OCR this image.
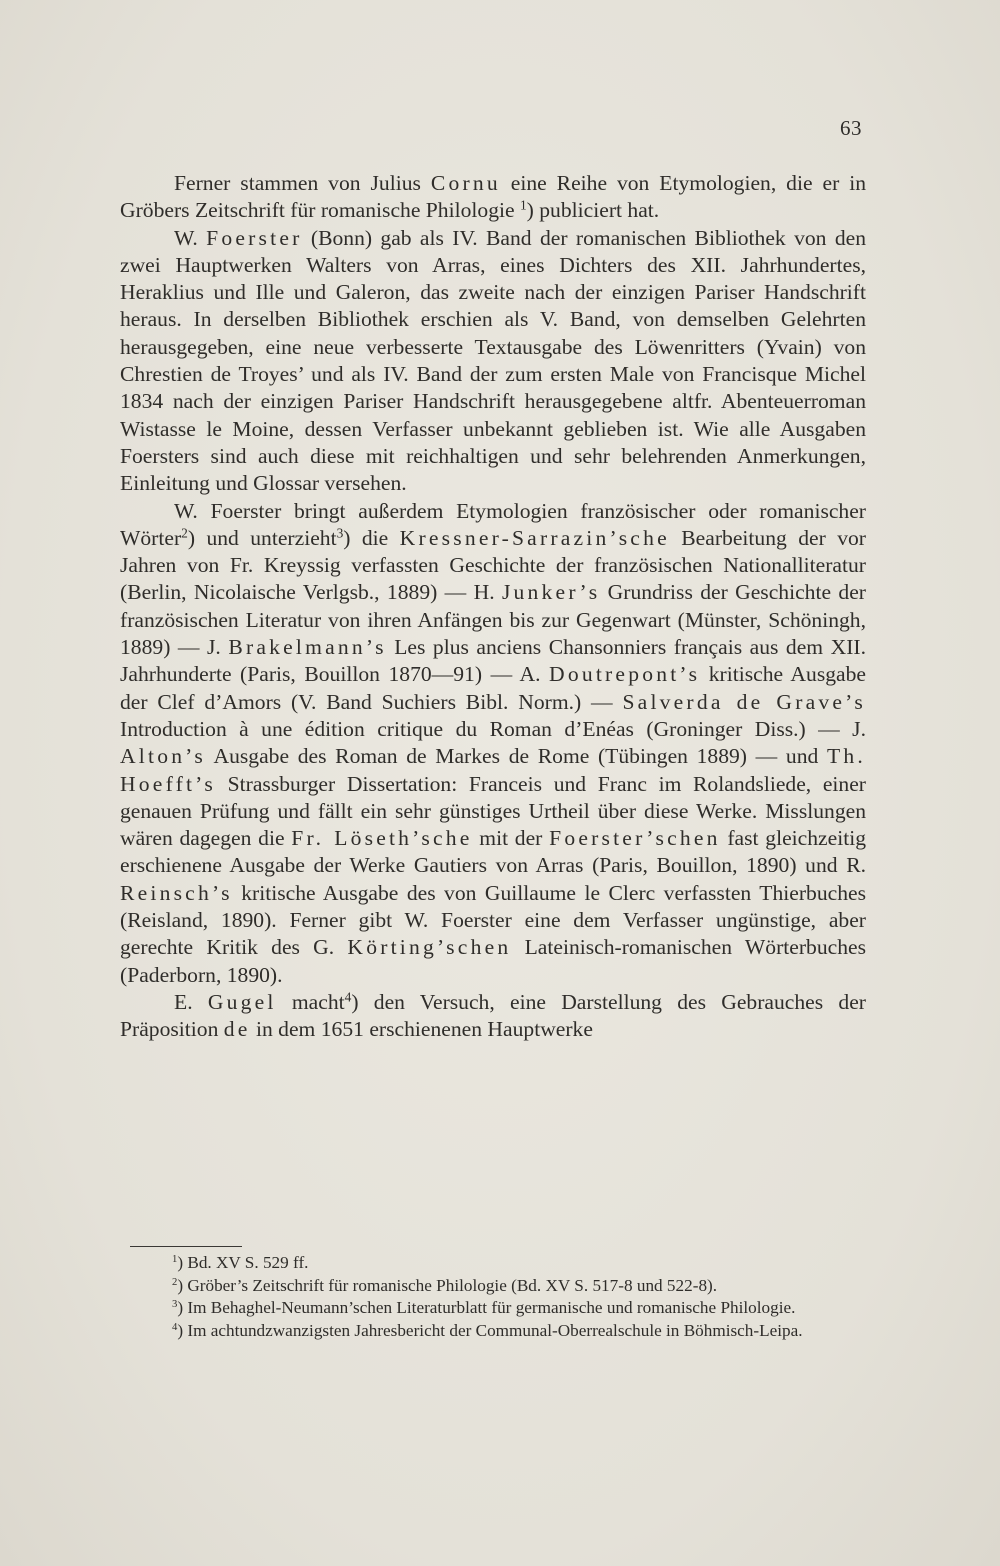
63

Ferner stammen von Julius Cornu eine Reihe von Etymologien, die er in Gröbers Zeitschrift für romanische Philologie $^1$) publiciert hat.

W. Foerster (Bonn) gab als IV. Band der romanischen Bibliothek von den zwei Hauptwerken Walters von Arras, eines Dichters des XII. Jahrhundertes, Heraklius und Ille und Galeron, das zweite nach der einzigen Pariser Handschrift heraus. In derselben Bibliothek erschien als V. Band, von demselben Gelehrten herausgegeben, eine neue verbesserte Textausgabe des Löwenritters (Yvain) von Chrestien de Troyes’ und als IV. Band der zum ersten Male von Francisque Michel 1834 nach der einzigen Pariser Handschrift herausgegebene altfr. Abenteuerroman Wistasse le Moine, dessen Verfasser unbekannt geblieben ist. Wie alle Ausgaben Foersters sind auch diese mit reichhaltigen und sehr belehrenden Anmerkungen, Einleitung und Glossar versehen.

W. Foerster bringt außerdem Etymologien französischer oder romanischer Wörter$^2$) und unterzieht$^3$) die Kressner-Sarrazin’sche Bearbeitung der vor Jahren von Fr. Kreyssig verfassten Geschichte der französischen Nationalliteratur (Berlin, Nicolaische Verlgsb., 1889) — H. Junker’s Grundriss der Geschichte der französischen Literatur von ihren Anfängen bis zur Gegenwart (Münster, Schöningh, 1889) — J. Brakelmann’s Les plus anciens Chansonniers français aus dem XII. Jahrhunderte (Paris, Bouillon 1870—91) — A. Doutrepont’s kritische Ausgabe der Clef d’Amors (V. Band Suchiers Bibl. Norm.) — Salverda de Grave’s Introduction à une édition critique du Roman d’Enéas (Groninger Diss.) — J. Alton’s Ausgabe des Roman de Markes de Rome (Tübingen 1889) — und Th. Hoefft’s Strassburger Dissertation: Franceis und Franc im Rolandsliede, einer genauen Prüfung und fällt ein sehr günstiges Urtheil über diese Werke. Misslungen wären dagegen die Fr. Löseth’sche mit der Foerster’schen fast gleichzeitig erschienene Ausgabe der Werke Gautiers von Arras (Paris, Bouillon, 1890) und R. Reinsch’s kritische Ausgabe des von Guillaume le Clerc verfassten Thierbuches (Reisland, 1890). Ferner gibt W. Foerster eine dem Verfasser ungünstige, aber gerechte Kritik des G. Körting’schen Lateinisch-romanischen Wörterbuches (Paderborn, 1890).

E. Gugel macht$^4$) den Versuch, eine Darstellung des Gebrauches der Präposition de in dem 1651 erschienenen Hauptwerke

$^1$) Bd. XV S. 529 ff.

$^2$) Gröber’s Zeitschrift für romanische Philologie (Bd. XV S. 517-8 und 522-8).

$^3$) Im Behaghel-Neumann’schen Literaturblatt für germanische und romanische Philologie.

$^4$) Im achtundzwanzigsten Jahresbericht der Communal-Oberrealschule in Böhmisch-Leipa.
